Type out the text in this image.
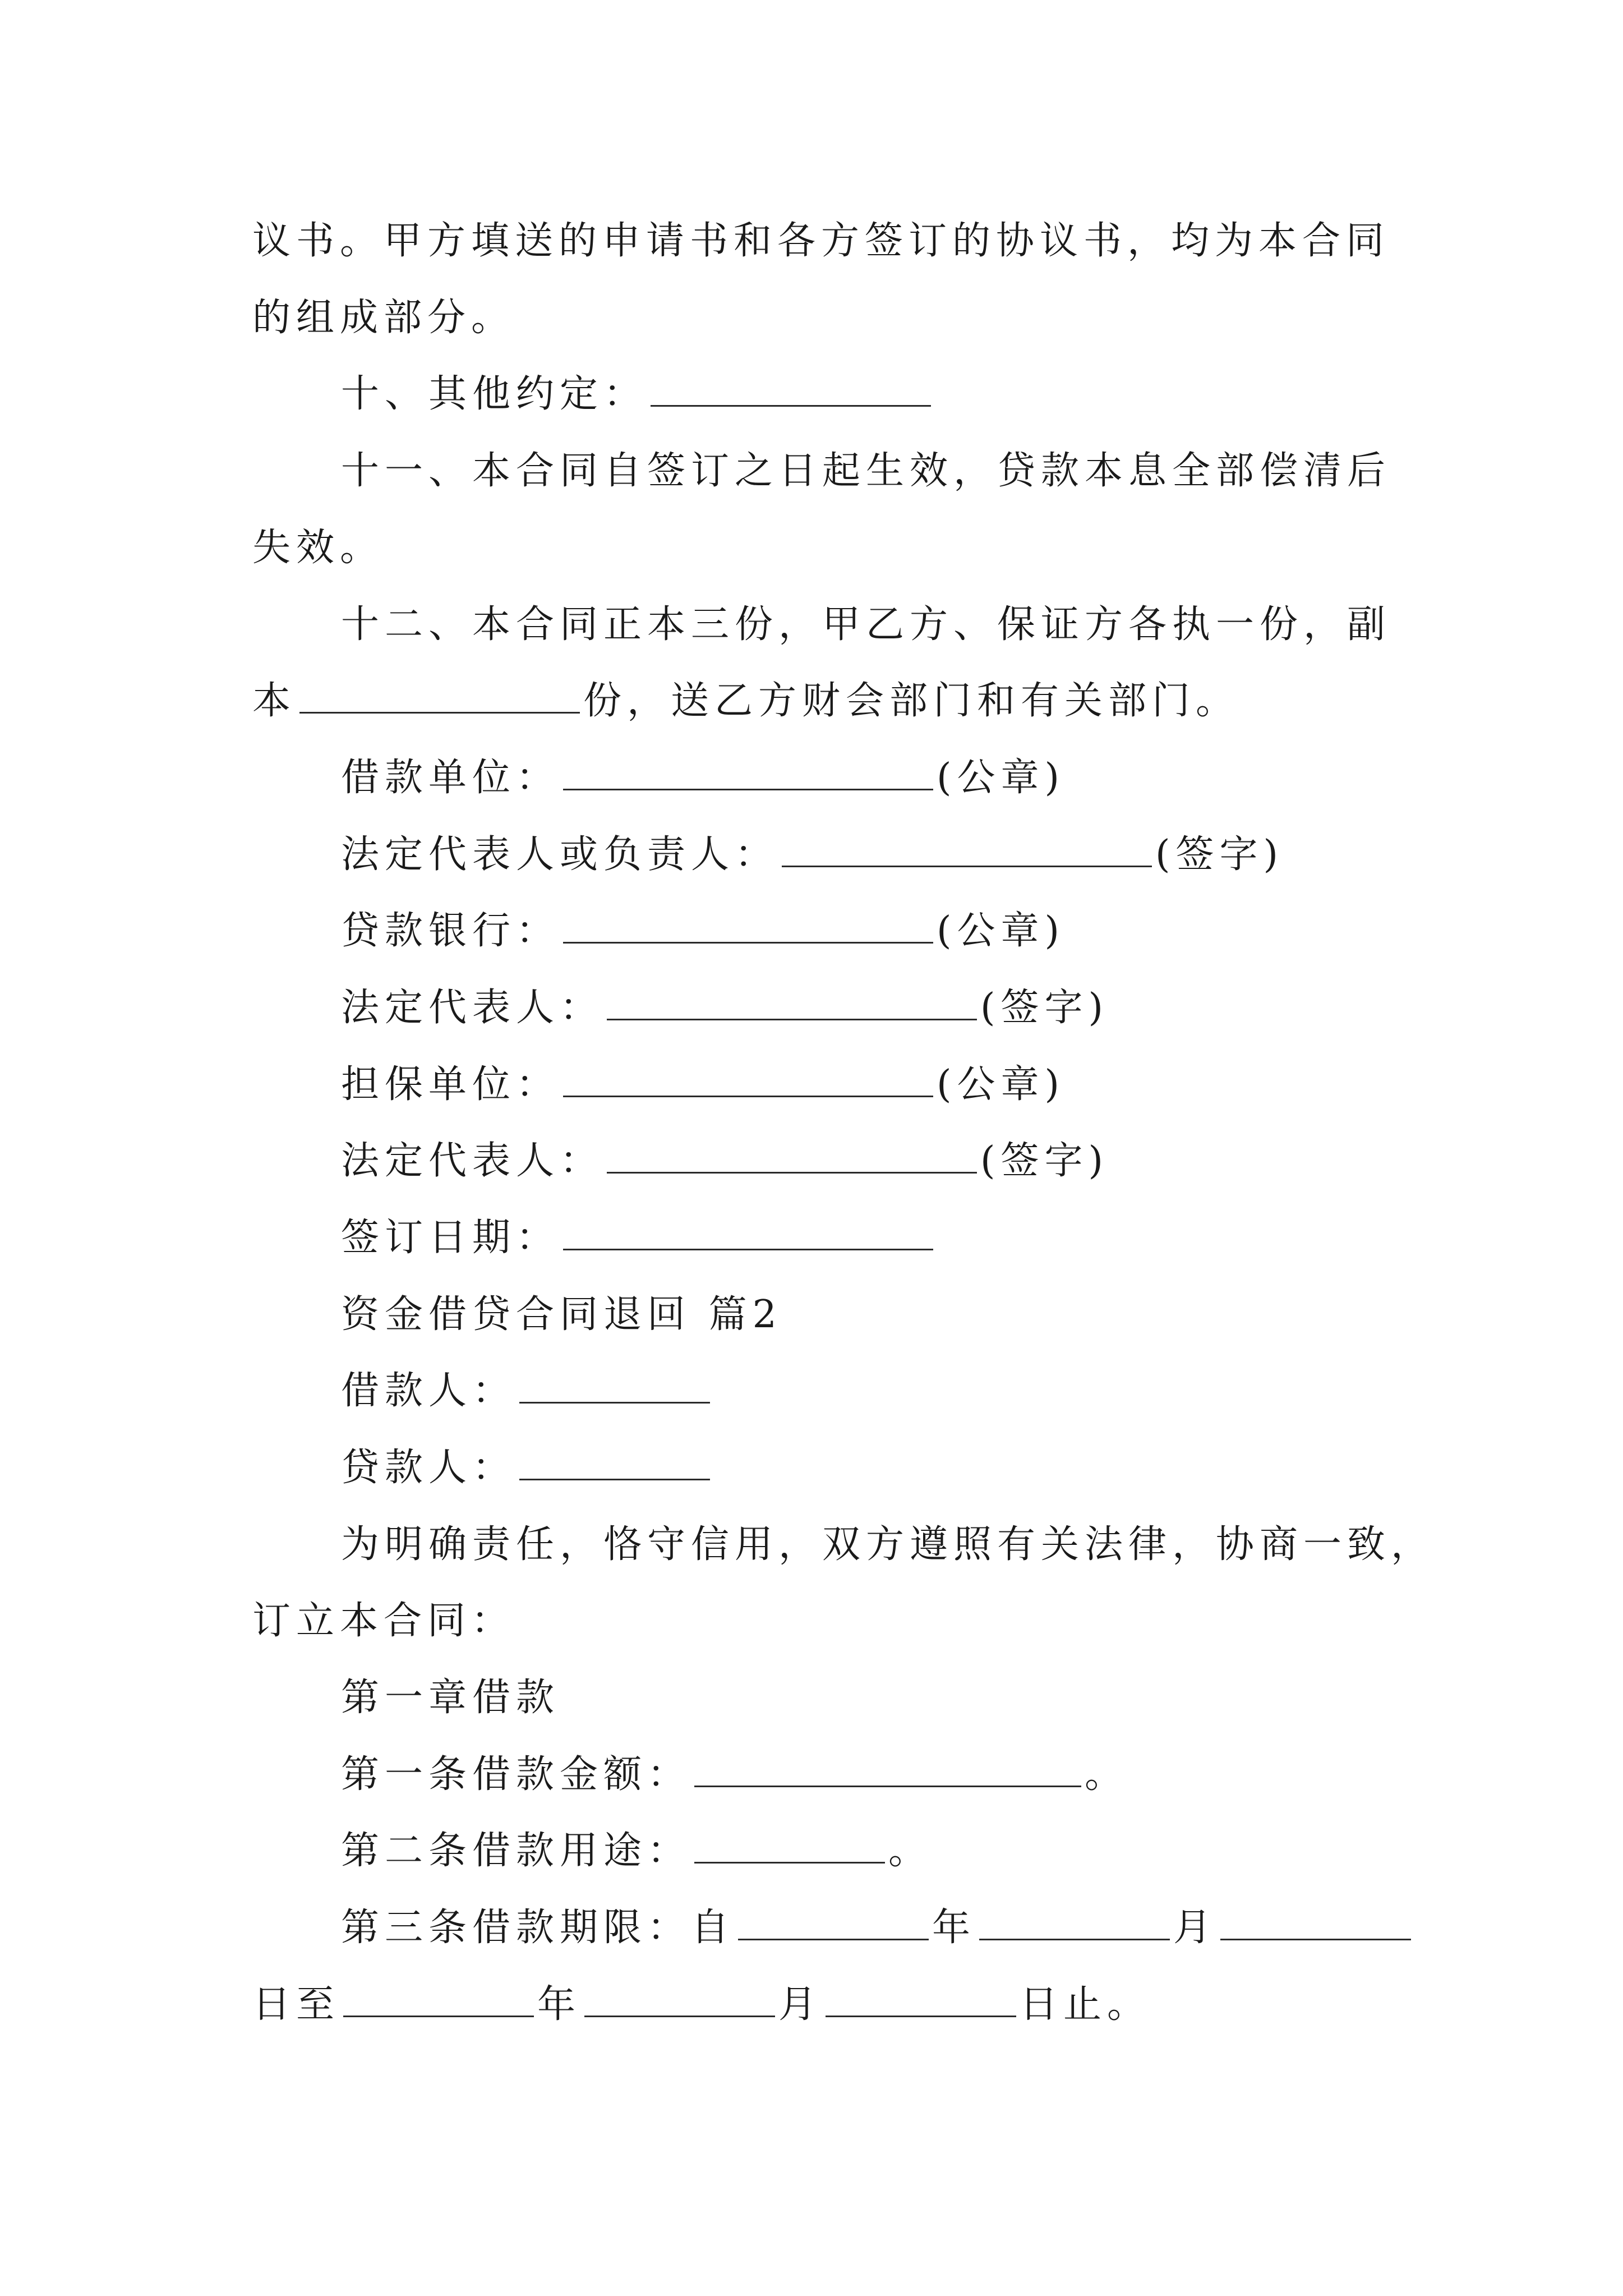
议书。甲方填送的申请书和各方签订的协议书，均为本合同
的组成部分。
十、其他约定：
十一、本合同自签订之日起生效，贷款本息全部偿清后
失效。
十二、本合同正本三份，甲乙方、保证方各执一份，副
本	份，送乙方财会部门和有关部门。
借款单位：	(公章)
法定代表人或负责人：	(签字)
贷款银行：	(公章)
法定代表人：	(签字)
担保单位：	(公章)
法定代表人：	(签字)
签订日期：
资金借贷合同退回 篇2
借款人：
贷款人：
为明确责任，恪守信用，双方遵照有关法律，协商一致，
订立本合同：
第一章借款
第一条借款金额：	。
第二条借款用途：	。
第三条借款期限：自	年	月
日至	年	月	日止。
